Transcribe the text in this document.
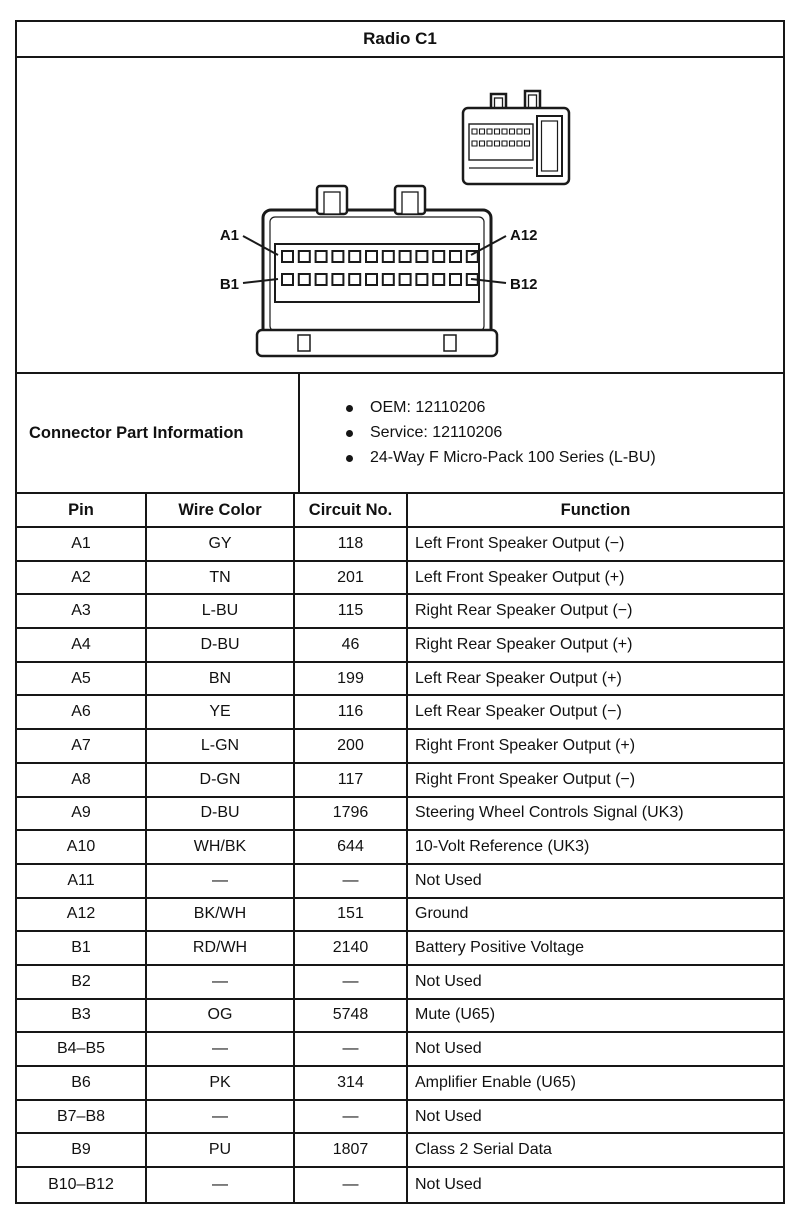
Radio C1
A1	A12
B1	B12
Connector Part Information
OEM: 12110206
Service: 12110206
24-Way F Micro-Pack 100 Series (L-BU)
Pin	Wire Color	Circuit No.	Function
A1	GY	118	Left Front Speaker Output (−)
A2	TN	201	Left Front Speaker Output (+)
A3	L-BU	115	Right Rear Speaker Output (−)
A4	D-BU	46	Right Rear Speaker Output (+)
A5	BN	199	Left Rear Speaker Output (+)
A6	YE	116	Left Rear Speaker Output (−)
A7	L-GN	200	Right Front Speaker Output (+)
A8	D-GN	117	Right Front Speaker Output (−)
A9	D-BU	1796	Steering Wheel Controls Signal (UK3)
A10	WH/BK	644	10-Volt Reference (UK3)
A11	—	—	Not Used
A12	BK/WH	151	Ground
B1	RD/WH	2140	Battery Positive Voltage
B2	—	—	Not Used
B3	OG	5748	Mute (U65)
B4–B5	—	—	Not Used
B6	PK	314	Amplifier Enable (U65)
B7–B8	—	—	Not Used
B9	PU	1807	Class 2 Serial Data
B10–B12	—	—	Not Used
